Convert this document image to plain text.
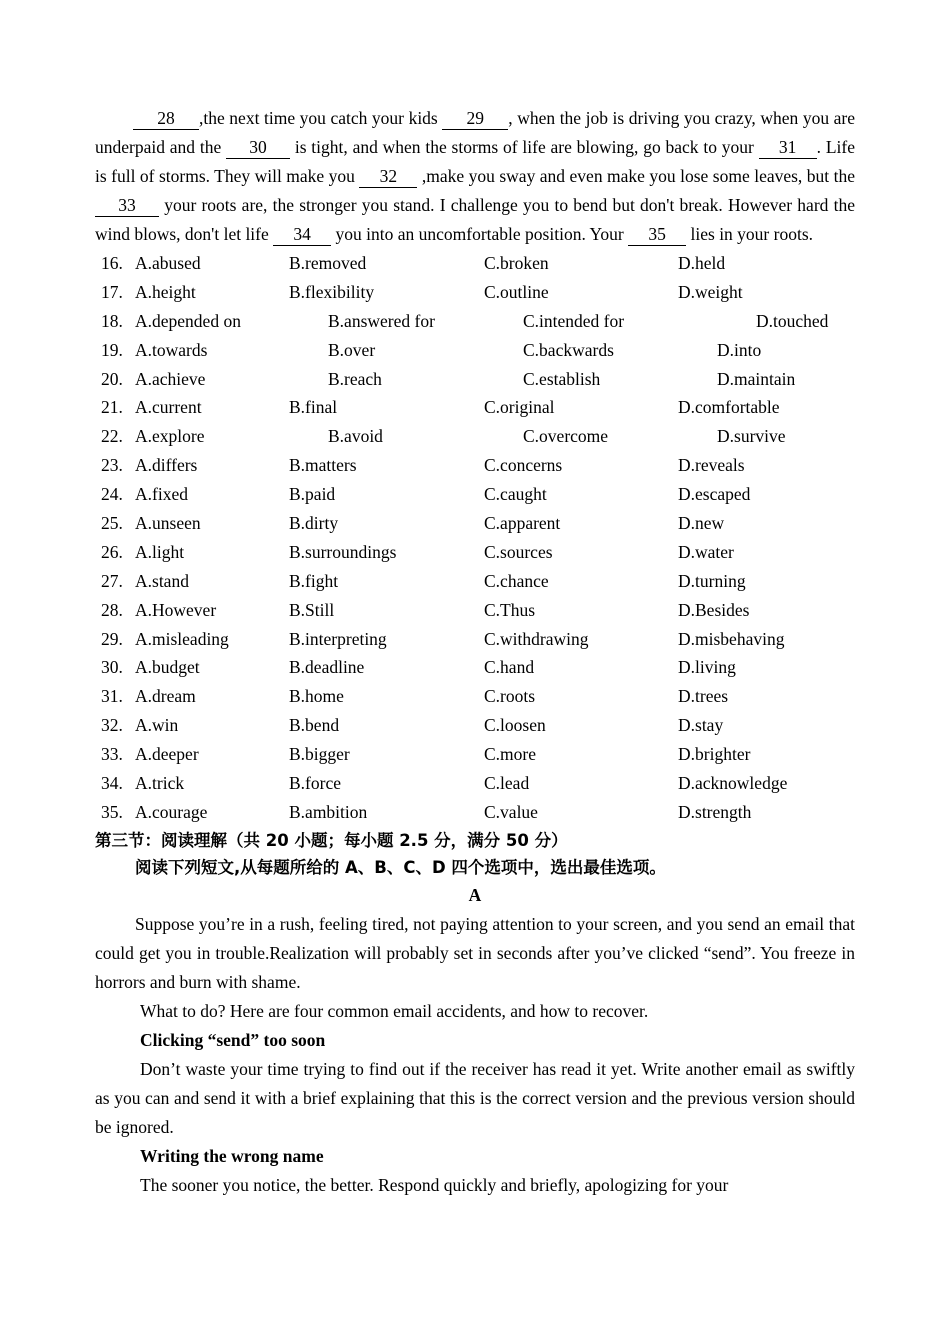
28 ,the next time you catch your kids 29 , when the job is driving you crazy, when you are underpaid and the 30 is tight, and when the storms of life are blowing, go back to your 31 . Life is full of storms. They will make you 32 ,make you sway and even make you lose some leaves, but the 33 your roots are, the stronger you stand. I challenge you to bend but don't break. However hard the wind blows, don't let life 34 you into an uncomfortable position. Your 35 lies in your roots.

16. A.abused	B.removed	C.broken	D.held
17. A.height	B.flexibility	C.outline	D.weight
18. A.depended on	B.answered for	C.intended for	D.touched
19. A.towards	B.over	C.backwards	D.into
20. A.achieve	B.reach	C.establish	D.maintain
21. A.current	B.final	C.original	D.comfortable
22. A.explore	B.avoid	C.overcome	D.survive
23. A.differs	B.matters	C.concerns	D.reveals
24. A.fixed	B.paid	C.caught	D.escaped
25. A.unseen	B.dirty	C.apparent	D.new
26. A.light	B.surroundings	C.sources	D.water
27. A.stand	B.fight	C.chance	D.turning
28. A.However	B.Still	C.Thus	D.Besides
29. A.misleading	B.interpreting	C.withdrawing	D.misbehaving
30. A.budget	B.deadline	C.hand	D.living
31. A.dream	B.home	C.roots	D.trees
32. A.win	B.bend	C.loosen	D.stay
33. A.deeper	B.bigger	C.more	D.brighter
34. A.trick	B.force	C.lead	D.acknowledge
35. A.courage	B.ambition	C.value	D.strength

第三节：阅读理解（共 20 小题；每小题 2.5 分，满分 50 分）

阅读下列短文,从每题所给的 A、B、C、D 四个选项中，选出最佳选项。

A

Suppose you’re in a rush, feeling tired, not paying attention to your screen, and you send an email that could get you in trouble.Realization will probably set in seconds after you’ve clicked “send”. You freeze in horrors and burn with shame.

What to do? Here are four common email accidents, and how to recover.

Clicking “send” too soon

Don’t waste your time trying to find out if the receiver has read it yet. Write another email as swiftly as you can and send it with a brief explaining that this is the correct version and the previous version should be ignored.

Writing the wrong name

The sooner you notice, the better. Respond quickly and briefly, apologizing for your
